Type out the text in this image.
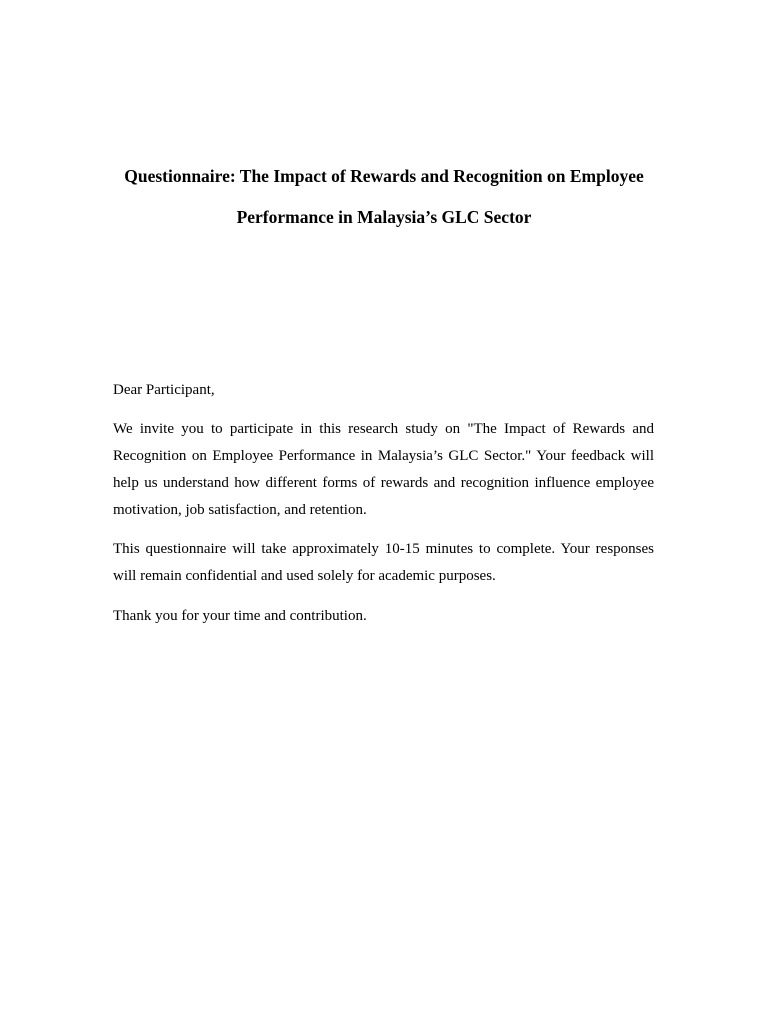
Questionnaire: The Impact of Rewards and Recognition on Employee
Performance in Malaysia’s GLC Sector

Dear Participant,

We invite you to participate in this research study on "The Impact of Rewards and Recognition on Employee Performance in Malaysia’s GLC Sector." Your feedback will help us understand how different forms of rewards and recognition influence employee motivation, job satisfaction, and retention.

This questionnaire will take approximately 10-15 minutes to complete. Your responses will remain confidential and used solely for academic purposes.

Thank you for your time and contribution.
